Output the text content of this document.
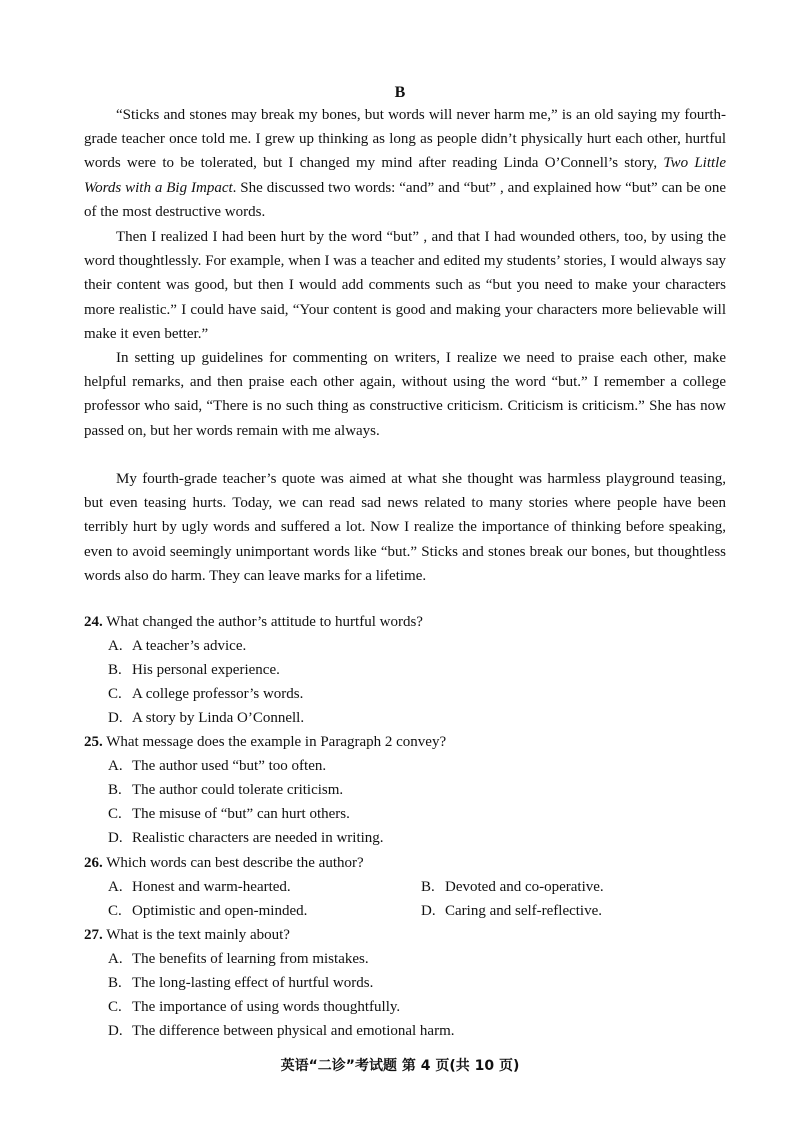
B

“Sticks and stones may break my bones, but words will never harm me,” is an old saying my fourth-grade teacher once told me. I grew up thinking as long as people didn’t physically hurt each other, hurtful words were to be tolerated, but I changed my mind after reading Linda O’Connell’s story, Two Little Words with a Big Impact. She discussed two words: “and” and “but” , and explained how “but” can be one of the most destructive words.

Then I realized I had been hurt by the word “but” , and that I had wounded others, too, by using the word thoughtlessly. For example, when I was a teacher and edited my students’ stories, I would always say their content was good, but then I would add comments such as “but you need to make your characters more realistic.” I could have said, “Your content is good and making your characters more believable will make it even better.”

In setting up guidelines for commenting on writers, I realize we need to praise each other, make helpful remarks, and then praise each other again, without using the word “but.” I remember a college professor who said, “There is no such thing as constructive criticism. Criticism is criticism.” She has now passed on, but her words remain with me always.

My fourth-grade teacher’s quote was aimed at what she thought was harmless playground teasing, but even teasing hurts. Today, we can read sad news related to many stories where people have been terribly hurt by ugly words and suffered a lot. Now I realize the importance of thinking before speaking, even to avoid seemingly unimportant words like “but.” Sticks and stones break our bones, but thoughtless words also do harm. They can leave marks for a lifetime.

24. What changed the author’s attitude to hurtful words?
A. A teacher’s advice.
B. His personal experience.
C. A college professor’s words.
D. A story by Linda O’Connell.
25. What message does the example in Paragraph 2 convey?
A. The author used “but” too often.
B. The author could tolerate criticism.
C. The misuse of “but” can hurt others.
D. Realistic characters are needed in writing.
26. Which words can best describe the author?
A. Honest and warm-hearted.	B. Devoted and co-operative.
C. Optimistic and open-minded.	D. Caring and self-reflective.
27. What is the text mainly about?
A. The benefits of learning from mistakes.
B. The long-lasting effect of hurtful words.
C. The importance of using words thoughtfully.
D. The difference between physical and emotional harm.
英语“二诊”考试题 第 4 页(共 10 页)
